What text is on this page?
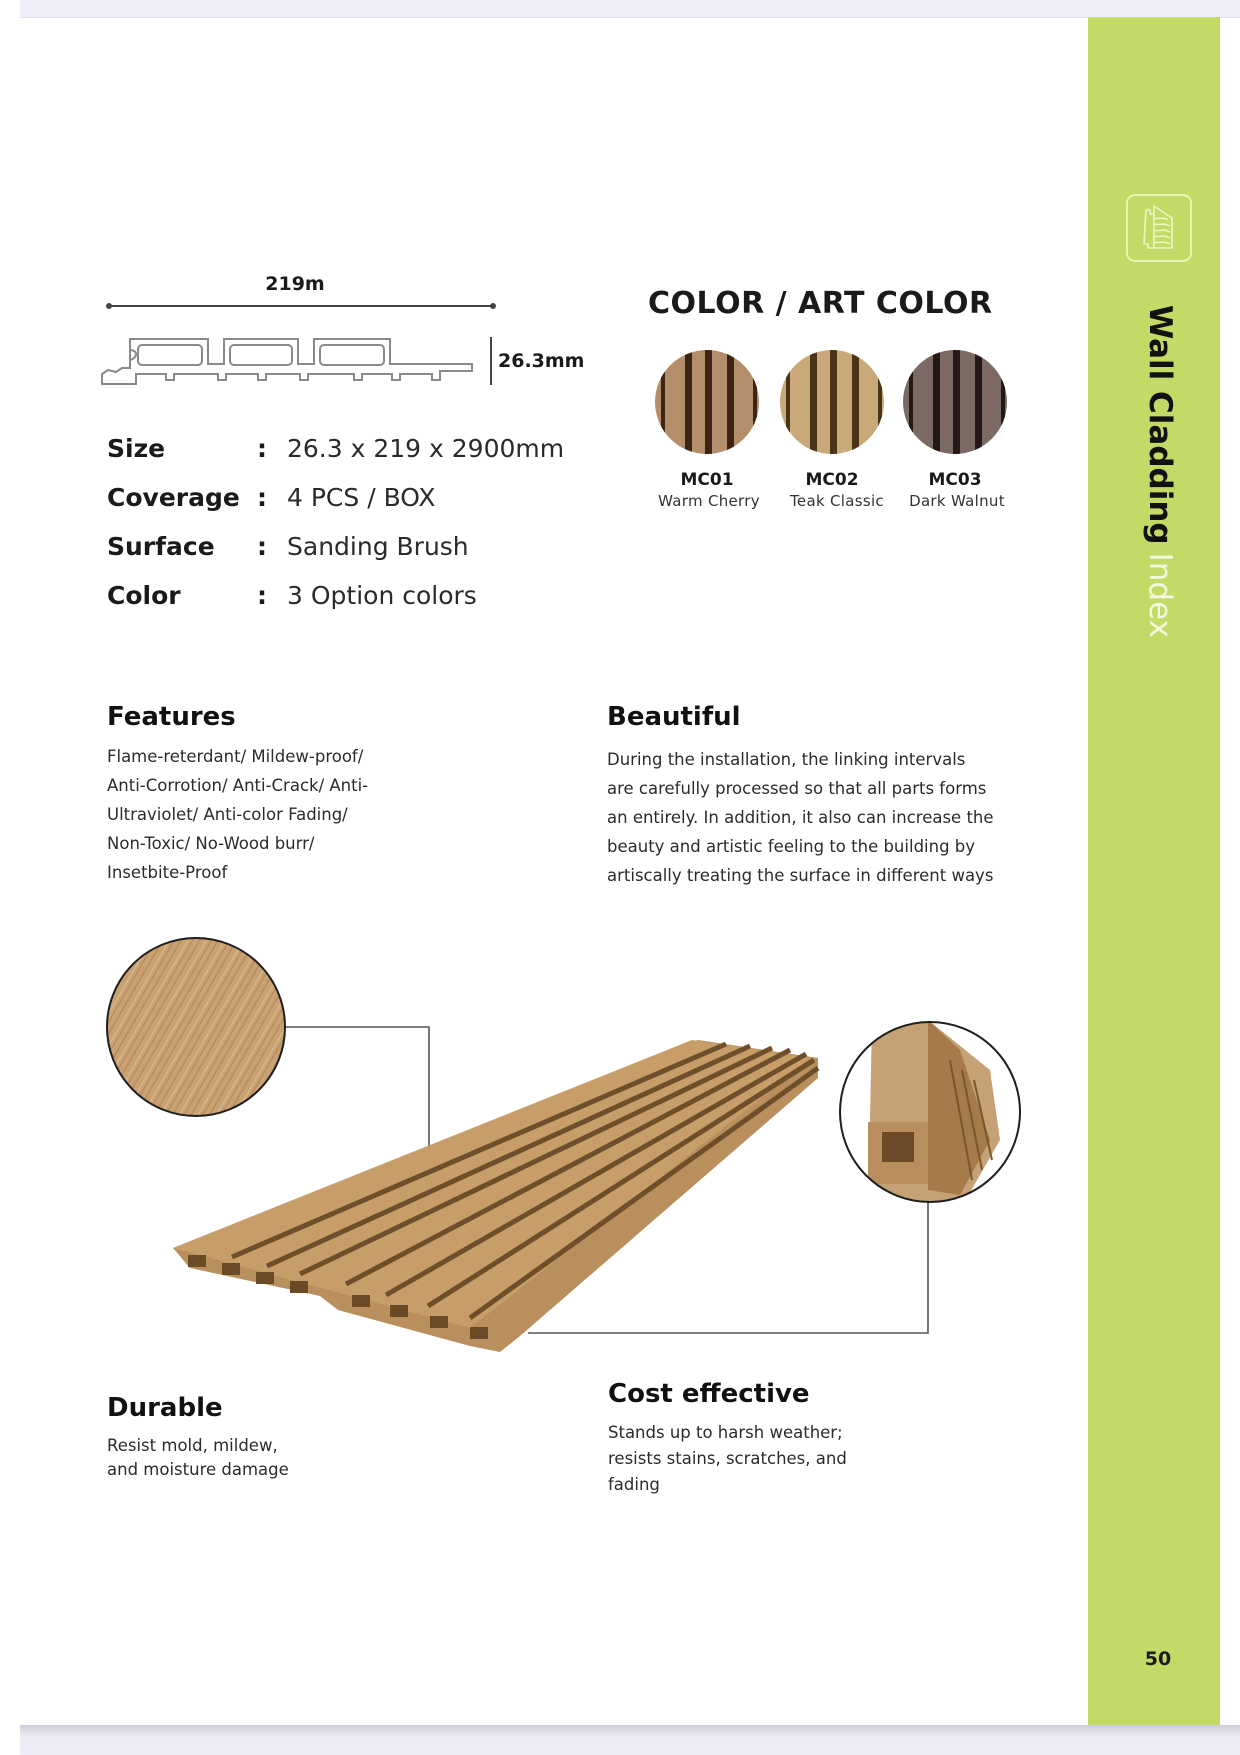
Wall CladdingIndex
50
219m
26.3mm
Size	: 26.3 x 219 x 2900mm
Coverage : 4 PCS / BOX
Surface : Sanding Brush
Color	: 3 Option colors
COLOR / ART COLOR
MC01	MC02	MC03
Warm Cherry	Teak Classic	Dark Walnut
Features
Flame-reterdant/ Mildew-proof/
Anti-Corrotion/ Anti-Crack/ Anti-
Ultraviolet/ Anti-color Fading/
Non-Toxic/ No-Wood burr/
Insetbite-Proof
Beautiful
During the installation, the linking intervals
are carefully processed so that all parts forms
an entirely. In addition, it also can increase the
beauty and artistic feeling to the building by
artiscally treating the surface in different ways
Durable
Resist mold, mildew,
and moisture damage
Cost effective
Stands up to harsh weather;
resists stains, scratches, and
fading
